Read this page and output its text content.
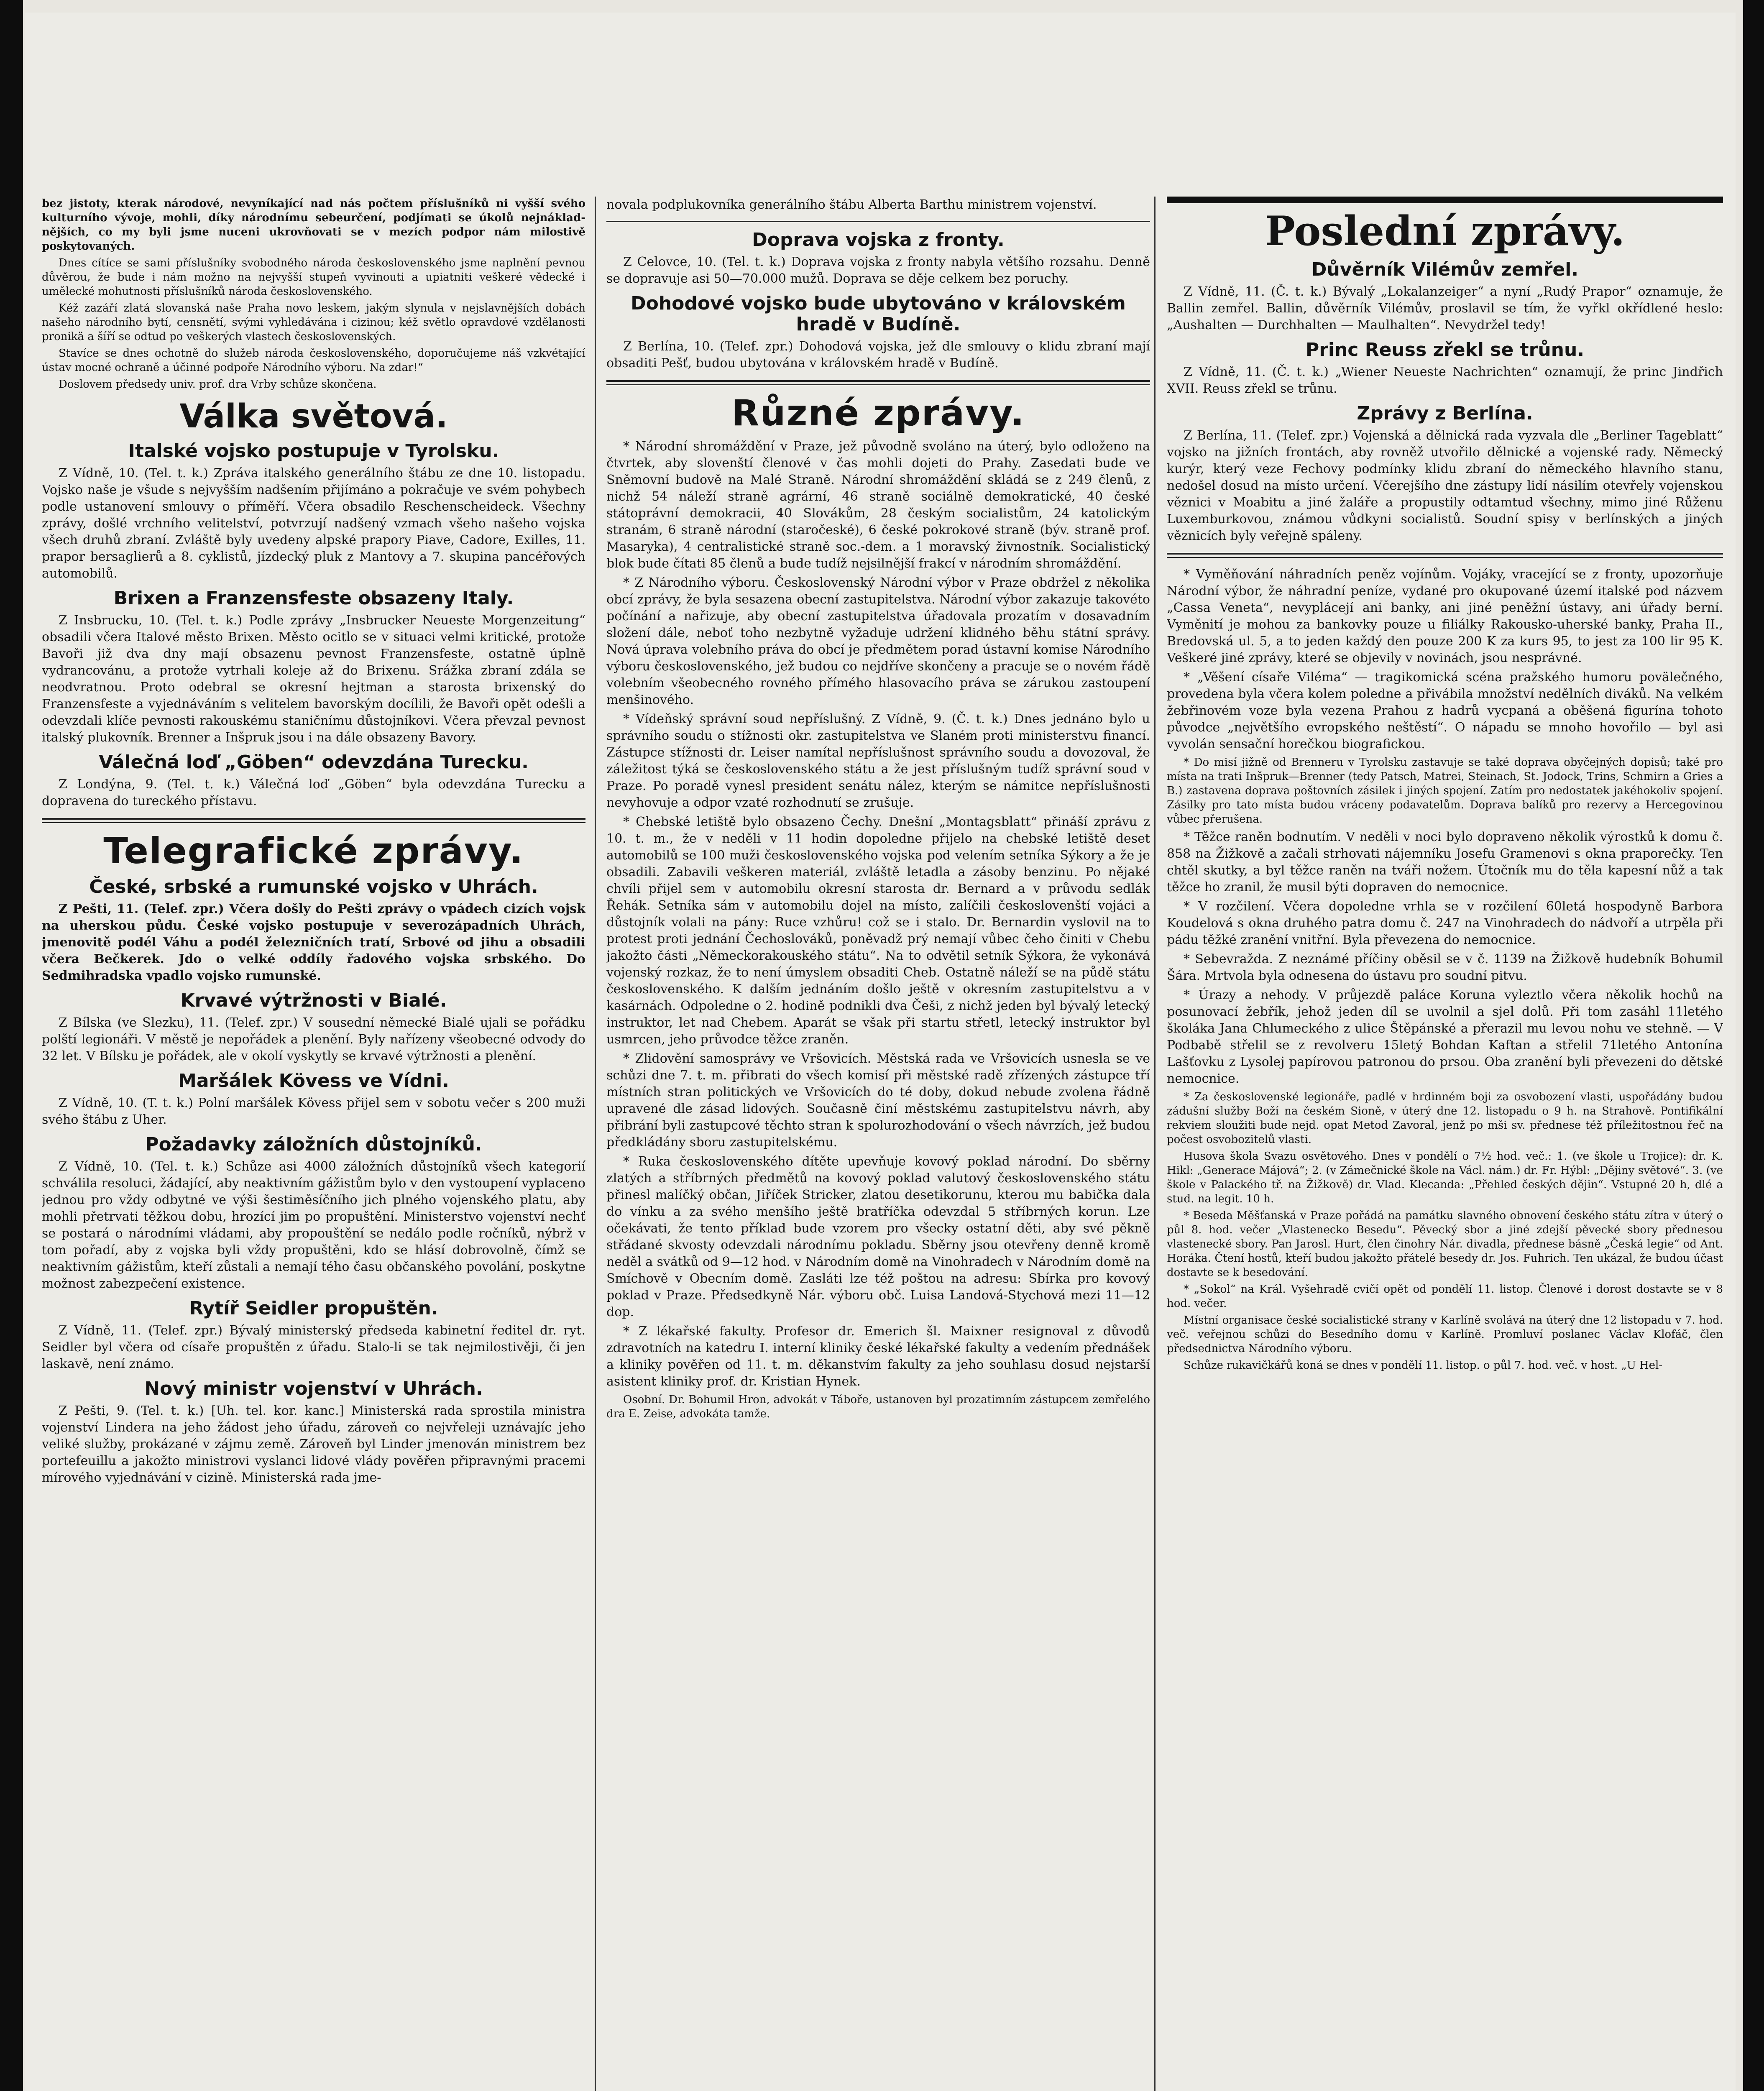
bez jistoty, kterak národové, nevyníkající nad nás počtem příslušníků ni vyšší svého kulturního vývoje, mohli, díky národnímu sebeurčení, podjímati se úkolů nejnákladnějších, co my byli jsme nuceni ukrovňovati se v mezích podpor nám milostivě poskytovaných.

Dnes cítíce se sami příslušníky svobodného národa československého jsme naplnění pevnou důvěrou, že bude i nám možno na nejvyšší stupeň vyvinouti a upiatniti veškeré vědecké i umělecké mohutnosti příslušníků národa československého.

Kéž zazáří zlatá slovanská naše Praha novo leskem, jakým slynula v nejslavnějších dobách našeho národního bytí, censnětí, svými vyhledávána i cizinou; kéž světlo opravdové vzdělanosti pronikä a šíří se odtud po veškerých vlastech československých.

Stavíce se dnes ochotně do služeb národa československého, doporučujeme náš vzkvétající ústav mocné ochraně a účinné podpoře Národního výboru. Na zdar!“

Doslovem předsedy univ. prof. dra Vrby schůze skončena.

Válka světová.
Italské vojsko postupuje v Tyrolsku.

Z Vídně, 10. (Tel. t. k.) Zpráva italského generálního štábu ze dne 10. listopadu. Vojsko naše je všude s nejvyšším nadšením přijímáno a pokračuje ve svém pohybech podle ustanovení smlouvy o příměří. Včera obsadilo Reschenscheideck. Všechny zprávy, došlé vrchního velitelství, potvrzují nadšený vzmach všeho našeho vojska všech druhů zbraní. Zvláště byly uvedeny alpské prapory Piave, Cadore, Exilles, 11. prapor bersaglierů a 8. cyklistů, jízdecký pluk z Mantovy a 7. skupina pancéřových automobilů.

Brixen a Franzensfeste obsazeny Italy.

Z Insbrucku, 10. (Tel. t. k.) Podle zprávy „Insbrucker Neueste Morgenzeitung“ obsadili včera Italové město Brixen. Město ocitlo se v situaci velmi kritické, protože Bavoři již dva dny mají obsazenu pevnost Franzensfeste, ostatně úplně vydrancovánu, a protože vytrhali koleje až do Brixenu. Srážka zbraní zdála se neodvratnou. Proto odebral se okresní hejtman a starosta brixenský do Franzensfeste a vyjednáváním s velitelem bavorským docílili, že Bavoři opět odešli a odevzdali klíče pevnosti rakouskému staničnímu důstojníkovi. Včera převzal pevnost italský plukovník. Brenner a Inšpruk jsou i na dále obsazeny Bavory.

Válečná loď „Göben“ odevzdána Turecku.

Z Londýna, 9. (Tel. t. k.) Válečná loď „Göben“ byla odevzdána Turecku a dopravena do tureckého přístavu.

Telegrafické zprávy.
České, srbské a rumunské vojsko v Uhrách.

Z Pešti, 11. (Telef. zpr.) Včera došly do Pešti zprávy o vpádech cizích vojsk na uherskou půdu. České vojsko postupuje v severozápadních Uhrách, jmenovitě podél Váhu a podél železničních tratí, Srbové od jihu a obsadili včera Bečkerek. Jdo o velké oddíly řadového vojska srbského. Do Sedmihradska vpadlo vojsko rumunské.

Krvavé výtržnosti v Bialé.

Z Bílska (ve Slezku), 11. (Telef. zpr.) V sousední německé Bialé ujali se pořádku polští legionáři. V městě je nepořádek a plenění. Byly nařízeny všeobecné odvody do 32 let. V Bílsku je pořádek, ale v okolí vyskytly se krvavé výtržnosti a plenění.

Maršálek Kövess ve Vídni.

Z Vídně, 10. (T. t. k.) Polní maršálek Kövess přijel sem v sobotu večer s 200 muži svého štábu z Uher.

Požadavky záložních důstojníků.

Z Vídně, 10. (Tel. t. k.) Schůze asi 4000 záložních důstojníků všech kategorií schválila resoluci, žádající, aby neaktivním gážistům bylo v den vystoupení vyplaceno jednou pro vždy odbytné ve výši šestiměsíčního jich plného vojenského platu, aby mohli přetrvati těžkou dobu, hrozící jim po propuštění. Ministerstvo vojenství nechť se postará o národními vládami, aby propouštění se nedálo podle ročníků, nýbrž v tom pořadí, aby z vojska byli vždy propuštěni, kdo se hlásí dobrovolně, čímž se neaktivním gážistům, kteří zůstali a nemají tého času občanského povolání, poskytne možnost zabezpečení existence.

Rytíř Seidler propuštěn.

Z Vídně, 11. (Telef. zpr.) Bývalý ministerský předseda kabinetní ředitel dr. ryt. Seidler byl včera od císaře propuštěn z úřadu. Stalo-li se tak nejmilostivěji, či jen laskavě, není známo.

Nový ministr vojenství v Uhrách.

Z Pešti, 9. (Tel. t. k.) [Uh. tel. kor. kanc.] Ministerská rada sprostila ministra vojenství Lindera na jeho žádost jeho úřadu, zároveň co nejvřeleji uznávajíc jeho veliké služby, prokázané v zájmu země. Zároveň byl Linder jmenován ministrem bez portefeuillu a jakožto ministrovi vyslanci lidové vlády pověřen připravnými pracemi mírového vyjednávání v cizině. Ministerská rada jme-

novala podplukovníka generálního štábu Alberta Barthu ministrem vojenství.

Doprava vojska z fronty.

Z Celovce, 10. (Tel. t. k.) Doprava vojska z fronty nabyla většího rozsahu. Denně se dopravuje asi 50—70.000 mužů. Doprava se děje celkem bez poruchy.

Dohodové vojsko bude ubytováno v královském hradě v Budíně.

Z Berlína, 10. (Telef. zpr.) Dohodová vojska, jež dle smlouvy o klidu zbraní mají obsaditi Pešť, budou ubytována v královském hradě v Budíně.

Různé zprávy.

* Národní shromáždění v Praze, jež původně svoláno na úterý, bylo odloženo na čtvrtek, aby slovenští členové v čas mohli dojeti do Prahy. Zasedati bude ve Sněmovní budově na Malé Straně. Národní shromáždění skládá se z 249 členů, z nichž 54 náleží straně agrární, 46 straně sociálně demokratické, 40 české státoprávní demokracii, 40 Slovákům, 28 českým socialistům, 24 katolickým stranám, 6 straně národní (staročeské), 6 české pokrokové straně (býv. straně prof. Masaryka), 4 centralistické straně soc.-dem. a 1 moravský živnostník. Socialistický blok bude čítati 85 členů a bude tudíž nejsilnější frakcí v národním shromáždění.

* Z Národního výboru. Československý Národní výbor v Praze obdržel z několika obcí zprávy, že byla sesazena obecní zastupitelstva. Národní výbor zakazuje takovéto počínání a nařizuje, aby obecní zastupitelstva úřadovala prozatím v dosavadním složení dále, neboť toho nezbytně vyžaduje udržení klidného běhu státní správy. Nová úprava volebního práva do obcí je předmětem porad ústavní komise Národního výboru československého, jež budou co nejdříve skončeny a pracuje se o novém řádě volebním všeobecného rovného přímého hlasovacího práva se zárukou zastoupení menšinového.

* Vídeňský správní soud nepříslušný. Z Vídně, 9. (Č. t. k.) Dnes jednáno bylo u správního soudu o stížnosti okr. zastupitelstva ve Slaném proti ministerstvu financí. Zástupce stížnosti dr. Leiser namítal nepříslušnost správního soudu a dovozoval, že záležitost týká se československého státu a že jest příslušným tudíž správní soud v Praze. Po poradě vynesl president senátu nález, kterým se námitce nepříslušnosti nevyhovuje a odpor vzaté rozhodnutí se zrušuje.

* Chebské letiště bylo obsazeno Čechy. Dnešní „Montagsblatt“ přináší zprávu z 10. t. m., že v neděli v 11 hodin dopoledne přijelo na chebské letiště deset automobilů se 100 muži československého vojska pod velením setníka Sýkory a že je obsadili. Zabavili veškeren materiál, zvláště letadla a zásoby benzinu. Po nějaké chvíli přijel sem v automobilu okresní starosta dr. Bernard a v průvodu sedlák Řehák. Setníka sám v automobilu dojel na místo, zalíčili českoslovenští vojáci a důstojník volali na pány: Ruce vzhůru! což se i stalo. Dr. Bernardin vyslovil na to protest proti jednání Čechoslováků, poněvadž prý nemají vůbec čeho činiti v Chebu jakožto části „Německorakouského státu“. Na to odvětil setník Sýkora, že vykonává vojenský rozkaz, že to není úmyslem obsaditi Cheb. Ostatně náleží se na půdě státu československého. K dalším jednáním došlo ještě v okresním zastupitelstvu a v kasárnách. Odpoledne o 2. hodině podnikli dva Češi, z nichž jeden byl bývalý letecký instruktor, let nad Chebem. Aparát se však při startu střetl, letecký instruktor byl usmrcen, jeho průvodce těžce zraněn.

* Zlidovění samosprávy ve Vršovicích. Městská rada ve Vršovicích usnesla se ve schůzi dne 7. t. m. přibrati do všech komisí při městské radě zřízených zástupce tří místních stran politických ve Vršovicích do té doby, dokud nebude zvolena řádně upravené dle zásad lidových. Současně činí městskému zastupitelstvu návrh, aby přibrání byli zastupcové těchto stran k spolurozhodování o všech návrzích, jež budou předkládány sboru zastupitelskému.

* Ruka československého dítěte upevňuje kovový poklad národní. Do sběrny zlatých a stříbrných předmětů na kovový poklad valutový československého státu přinesl malíčký občan, Jiříček Stricker, zlatou desetikorunu, kterou mu babička dala do vínku a za svého menšího ještě bratříčka odevzdal 5 stříbrných korun. Lze očekávati, že tento příklad bude vzorem pro všecky ostatní děti, aby své pěkně střádané skvosty odevzdali národnímu pokladu. Sběrny jsou otevřeny denně kromě neděl a svátků od 9—12 hod. v Národním domě na Vinohradech v Národním domě na Smíchově v Obecním domě. Zasláti lze též poštou na adresu: Sbírka pro kovový poklad v Praze. Předsedkyně Nár. výboru obč. Luisa Landová-Stychová mezi 11—12 dop.

* Z lékařské fakulty. Profesor dr. Emerich šl. Maixner resignoval z důvodů zdravotních na katedru I. interní kliniky české lékařské fakulty a vedením přednášek a kliniky pověřen od 11. t. m. děkanstvím fakulty za jeho souhlasu dosud nejstarší asistent kliniky prof. dr. Kristian Hynek.

Osobní. Dr. Bohumil Hron, advokát v Táboře, ustanoven byl prozatimním zástupcem zemřelého dra E. Zeise, advokáta tamže.

Poslední zprávy.
Důvěrník Vilémův zemřel.

Z Vídně, 11. (Č. t. k.) Bývalý „Lokalanzeiger“ a nyní „Rudý Prapor“ oznamuje, že Ballin zemřel. Ballin, důvěrník Vilémův, proslavil se tím, že vyřkl okřídlené heslo: „Aushalten — Durchhalten — Maulhalten“. Nevydržel tedy!

Princ Reuss zřekl se trůnu.

Z Vídně, 11. (Č. t. k.) „Wiener Neueste Nachrichten“ oznamují, že princ Jindřich XVII. Reuss zřekl se trůnu.

Zprávy z Berlína.

Z Berlína, 11. (Telef. zpr.) Vojenská a dělnická rada vyzvala dle „Berliner Tageblatt“ vojsko na jižních frontách, aby rovněž utvořilo dělnické a vojenské rady. Německý kurýr, který veze Fechovy podmínky klidu zbraní do německého hlavního stanu, nedošel dosud na místo určení. Včerejšího dne zástupy lidí násilím otevřely vojenskou věznici v Moabitu a jiné žaláře a propustily odtamtud všechny, mimo jiné Růženu Luxemburkovou, známou vůdkyni socialistů. Soudní spisy v berlínských a jiných věznicích byly veřejně spáleny.

* Vyměňování náhradních peněz vojínům. Vojáky, vracející se z fronty, upozorňuje Národní výbor, že náhradní peníze, vydané pro okupované území italské pod názvem „Cassa Veneta“, nevyplácejí ani banky, ani jiné peněžní ústavy, ani úřady berní. Vyměnití je mohou za bankovky pouze u filiálky Rakousko-uherské banky, Praha II., Bredovská ul. 5, a to jeden každý den pouze 200 K za kurs 95, to jest za 100 lir 95 K. Veškeré jiné zprávy, které se objevily v novinách, jsou nesprávné.

* „Věšení císaře Viléma“ — tragikomická scéna pražského humoru povälečného, provedena byla včera kolem poledne a přivábila množství nedělních diváků. Na velkém žebřinovém voze byla vezena Prahou z hadrů vycpaná a oběšená figurína tohoto původce „největšího evropského neštěstí“. O nápadu se mnoho hovořilo — byl asi vyvolán sensační horečkou biografickou.

* Do misí jižně od Brenneru v Tyrolsku zastavuje se také doprava obyčejných dopisů; také pro místa na trati Inšpruk—Brenner (tedy Patsch, Matrei, Steinach, St. Jodock, Trins, Schmirn a Gries a B.) zastavena doprava poštovních zásilek i jiných spojení. Zatím pro nedostatek jakéhokoliv spojení. Zásilky pro tato místa budou vráceny podavatelům. Doprava balíků pro rezervy a Hercegovinou vůbec přerušena.

* Těžce raněn bodnutím. V neděli v noci bylo dopraveno několik výrostků k domu č. 858 na Žižkově a začali strhovati nájemníku Josefu Gramenovi s okna praporečky. Ten chtěl skutky, a byl těžce raněn na tváři nožem. Útočník mu do těla kapesní nůž a tak těžce ho zranil, že musil býti dopraven do nemocnice.

* V rozčilení. Včera dopoledne vrhla se v rozčilení 60letá hospodyně Barbora Koudelová s okna druhého patra domu č. 247 na Vinohradech do nádvoří a utrpěla při pádu těžké zranění vnitřní. Byla převezena do nemocnice.

* Sebevražda. Z neznámé příčiny oběsil se v č. 1139 na Žižkově hudebník Bohumil Šára. Mrtvola byla odnesena do ústavu pro soudní pitvu.

* Úrazy a nehody. V průjezdě paláce Koruna vyleztlo včera několik hochů na posunovací žebřík, jehož jeden díl se uvolnil a sjel dolů. Při tom zasáhl 11letého školáka Jana Chlumeckého z ulice Štěpánské a přerazil mu levou nohu ve stehně. — V Podbabě střelil se z revolveru 15letý Bohdan Kaftan a střelil 71letého Antonína Lašťovku z Lysolej papírovou patronou do prsou. Oba zranění byli převezeni do dětské nemocnice.

* Za československé legionáře, padlé v hrdinném boji za osvobození vlasti, uspořádány budou zádušní služby Boží na českém Sioně, v úterý dne 12. listopadu o 9 h. na Strahově. Pontifikální rekviem sloužiti bude nejd. opat Metod Zavoral, jenž po mši sv. přednese též příležitostnou řeč na počest osvobozitelů vlasti.

Husova škola Svazu osvětového. Dnes v pondělí o 7½ hod. več.: 1. (ve škole u Trojice): dr. K. Hikl: „Generace Májová“; 2. (v Zámečnické škole na Václ. nám.) dr. Fr. Hýbl: „Dějiny světové“. 3. (ve škole v Palackého tř. na Žižkově) dr. Vlad. Klecanda: „Přehled českých dějin“. Vstupné 20 h, dlé a stud. na legit. 10 h.

* Beseda Měšťanská v Praze pořádá na památku slavného obnovení českého státu zítra v úterý o půl 8. hod. večer „Vlastenecko Besedu“. Pěvecký sbor a jiné zdejší pěvecké sbory přednesou vlastenecké sbory. Pan Jarosl. Hurt, člen činohry Nár. divadla, přednese básně „Česká legie“ od Ant. Horáka. Čtení hostů, kteří budou jakožto přátelé besedy dr. Jos. Fuhrich. Ten ukázal, že budou účast dostavte se k besedování.

* „Sokol“ na Král. Vyšehradě cvičí opět od pondělí 11. listop. Členové i dorost dostavte se v 8 hod. večer.

Místní organisace české socialistické strany v Karlíně svolává na úterý dne 12 listopadu v 7. hod. več. veřejnou schůzi do Besedního domu v Karlíně. Promluví poslanec Václav Klofáč, člen předsednictva Národního výboru.

Schůze rukavičkářů koná se dnes v pondělí 11. listop. o půl 7. hod. več. v host. „U Hel-
